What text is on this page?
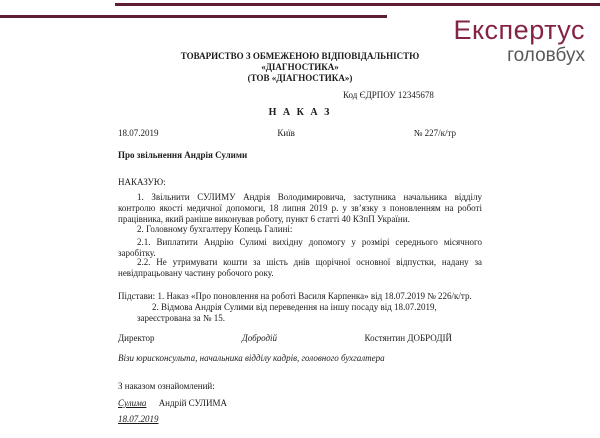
Експертус
головбух
ТОВАРИСТВО З ОБМЕЖЕНОЮ ВІДПОВІДАЛЬНІСТЮ
«ДІАГНОСТИКА»
(ТОВ «ДІАГНОСТИКА»)
Код ЄДРПОУ 12345678
Н А К А З
18.07.2019	Київ	№ 227/к/тр
Про звільнення Андрія Сулими
НАКАЗУЮ:
1. Звільнити СУЛИМУ Андрія Володимировича, заступника начальника відділу контролю якості медичної допомоги, 18 липня 2019 р. у зв’язку з поновленням на роботі працівника, який раніше виконував роботу, пункт 6 статті 40 КЗпП України.
2. Головному бухгалтеру Копець Галині:
2.1. Виплатити Андрію Сулимі вихідну допомогу у розмірі середнього місячного заробітку.
2.2. Не утримувати кошти за шість днів щорічної основної відпустки, надану за невідпрацьовану частину робочого року.
Підстави: 1. Наказ «Про поновлення на роботі Василя Карпенка» від 18.07.2019 № 226/к/тр.
2. Відмова Андрія Сулими від переведення на іншу посаду від 18.07.2019,
зареєстрована за № 15.
Директор	Добродій	Костянтин ДОБРОДІЙ
Візи юрисконсульта, начальника відділу кадрів, головного бухгалтера
З наказом ознайомлений:
Сулима Андрій СУЛИМА
18.07.2019
